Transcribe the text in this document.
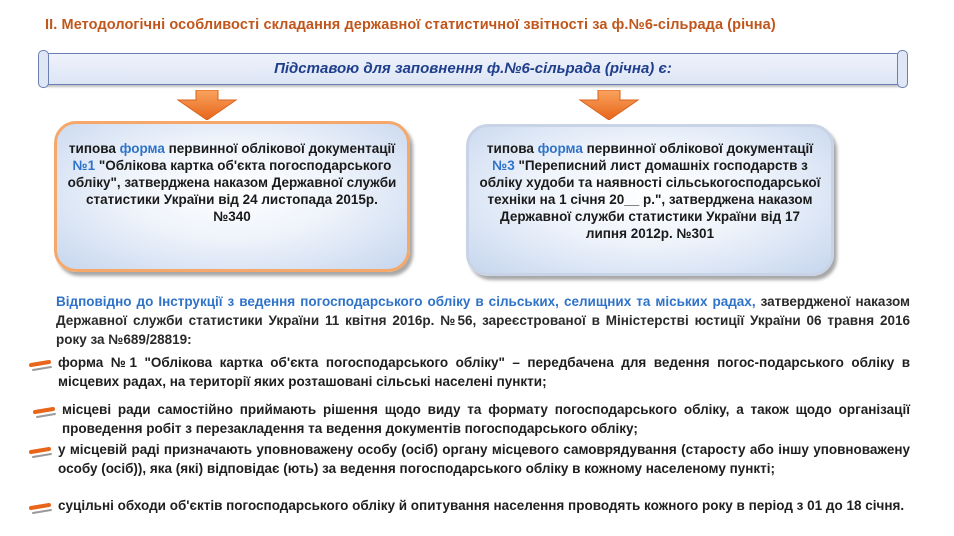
ІІ. Методологічні особливості складання державної статистичної звітності за ф.№6-сільрада (річна)
Підставою для заповнення ф.№6-сільрада (річна) є:
типова форма первинної облікової документації №1 "Облікова картка об'єкта погосподарського обліку", затверджена наказом Державної служби статистики України від 24 листопада 2015р. №340
типова форма первинної облікової документації №3 "Переписний лист домашніх господарств з обліку худоби та наявності сільськогосподарської техніки на 1 січня 20__ р.", затверджена наказом Державної служби статистики України від 17 липня 2012р. №301
Відповідно до Інструкції з ведення погосподарського обліку в сільських, селищних та міських радах, затвердженої наказом Державної служби статистики України 11 квітня 2016р. №56, зареєстрованої в Міністерстві юстиції України 06 травня 2016 року за №689/28819:
форма №1 "Облікова картка об'єкта погосподарського обліку" – передбачена для ведення погос-подарського обліку в місцевих радах, на території яких розташовані сільські населені пункти;
місцеві ради самостійно приймають рішення щодо виду та формату погосподарського обліку, а також щодо організації проведення робіт з перезакладення та ведення документів погосподарського обліку;
у місцевій раді призначають уповноважену особу (осіб) органу місцевого самоврядування (старосту або іншу уповноважену особу (осіб)), яка (які) відповідає (ють) за ведення погосподарського обліку в кожному населеному пункті;
суцільні обходи об'єктів погосподарського обліку й опитування населення проводять кожного року в період з 01 до 18 січня.
